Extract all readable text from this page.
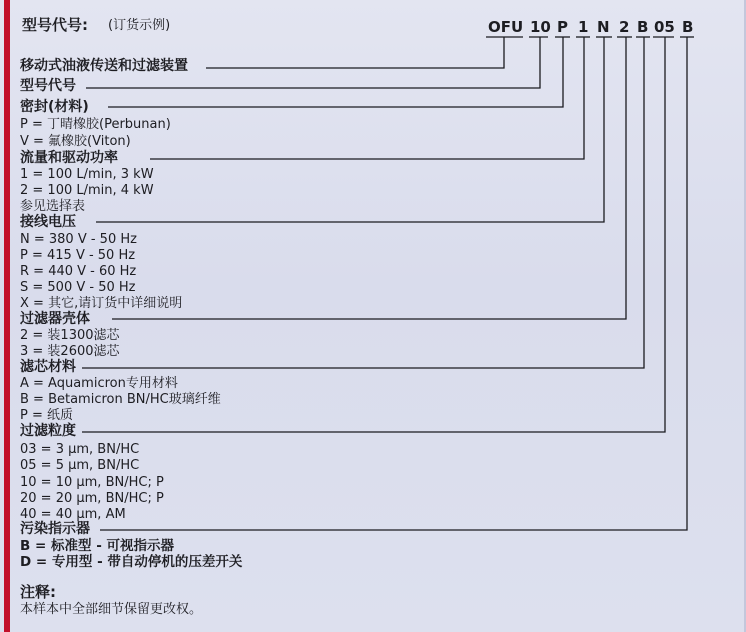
型号代号: (订货示例)	OFU 10 P 1 N 2 B 05 B
移动式油液传送和过滤装置
型号代号
密封(材料)
P = 丁晴橡胶(Perbunan)
V = 氟橡胶(Viton)
流量和驱动功率
1 = 100 L/min, 3 kW
2 = 100 L/min, 4 kW
参见选择表
接线电压
N = 380 V - 50 Hz
P = 415 V - 50 Hz
R = 440 V - 60 Hz
S = 500 V - 50 Hz
X = 其它,请订货中详细说明
过滤器壳体
2 = 装1300滤芯
3 = 装2600滤芯
滤芯材料
A = Aquamicron专用材料
B = Betamicron BN/HC玻璃纤维
P = 纸质
过滤粒度
03 = 3 µm, BN/HC
05 = 5 µm, BN/HC
10 = 10 µm, BN/HC; P
20 = 20 µm, BN/HC; P
40 = 40 µm, AM
污染指示器
B = 标准型 - 可视指示器
D = 专用型 - 带自动停机的压差开关
注释:
本样本中全部细节保留更改权。
